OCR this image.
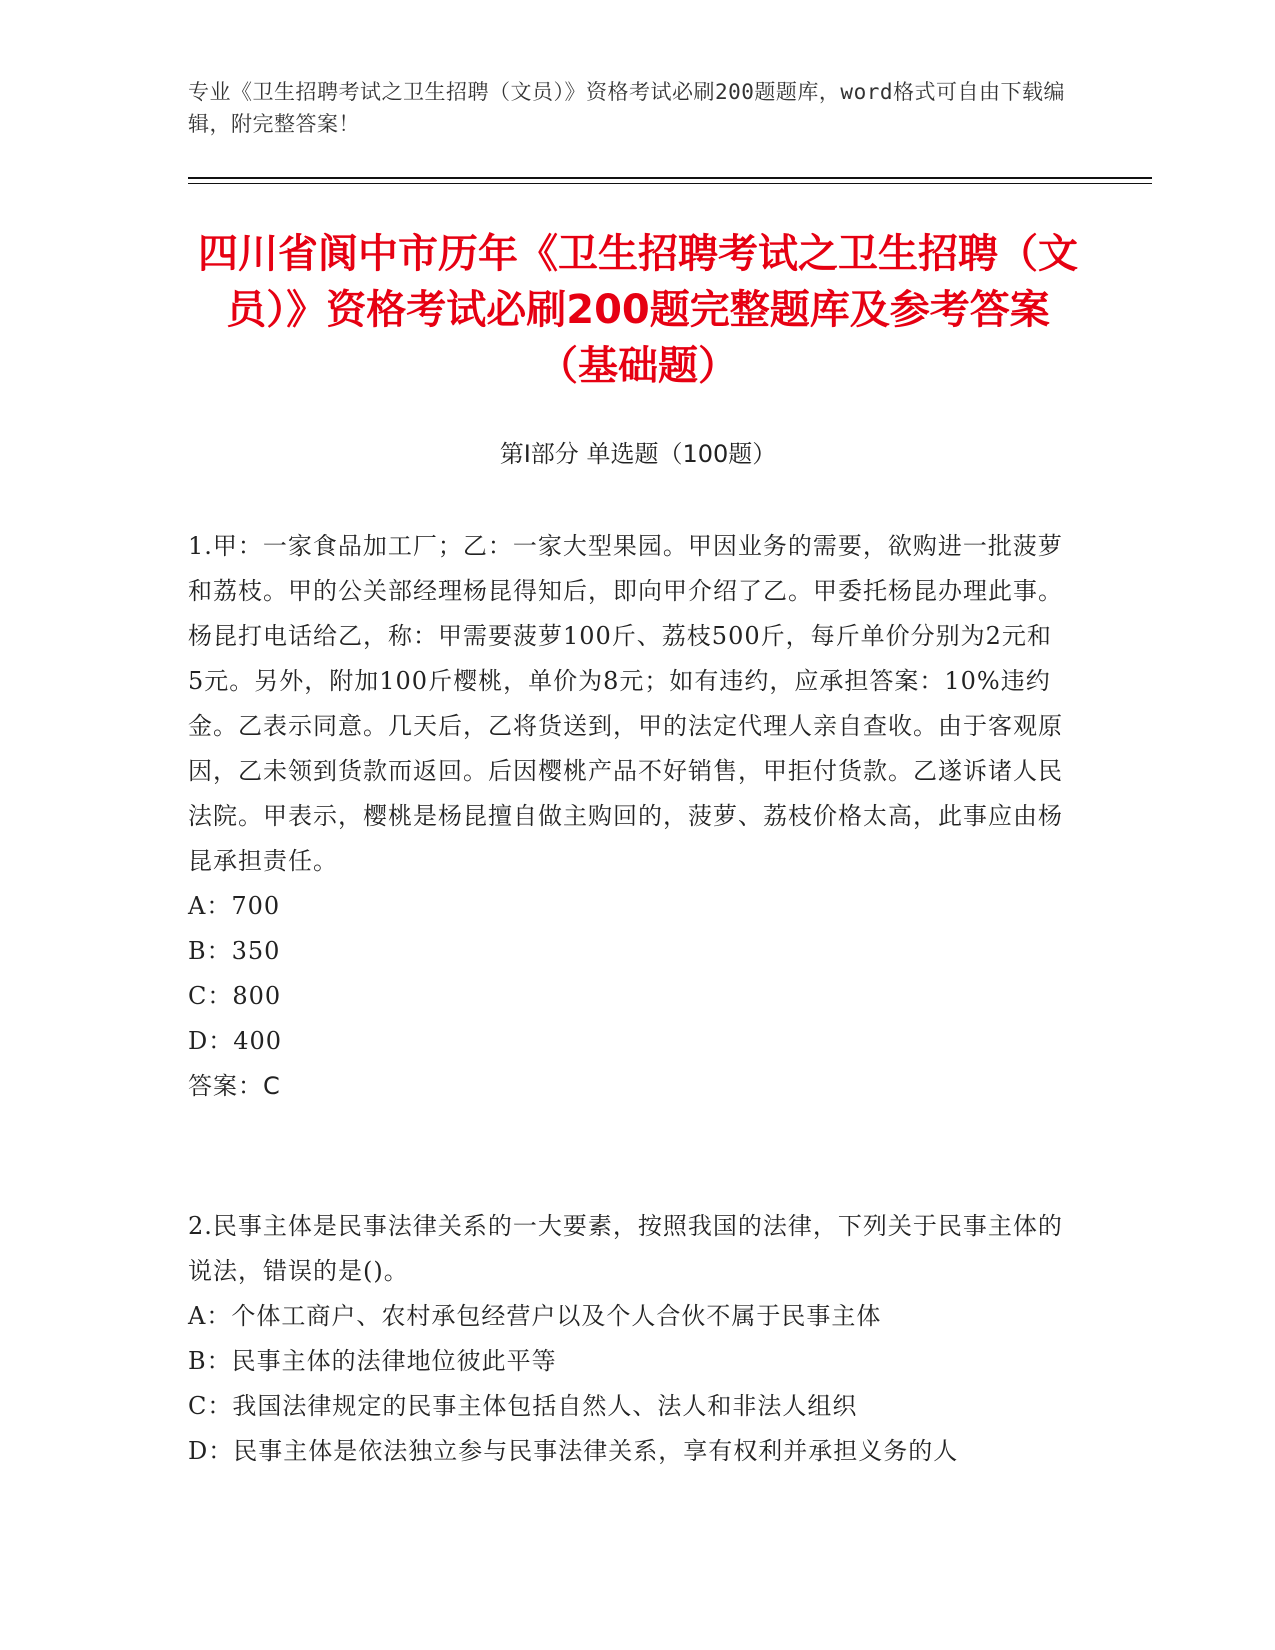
专业《卫生招聘考试之卫生招聘（文员）》资格考试必刷200题题库，word格式可自由下载编辑，附完整答案！
四川省阆中市历年《卫生招聘考试之卫生招聘（文员）》资格考试必刷200题完整题库及参考答案（基础题）
第Ⅰ部分 单选题（100题）

1.甲：一家食品加工厂；乙：一家大型果园。甲因业务的需要，欲购进一批菠萝和荔枝。甲的公关部经理杨昆得知后，即向甲介绍了乙。甲委托杨昆办理此事。杨昆打电话给乙，称：甲需要菠萝100斤、荔枝500斤，每斤单价分别为2元和5元。另外，附加100斤樱桃，单价为8元；如有违约，应承担答案：10%违约金。乙表示同意。几天后，乙将货送到，甲的法定代理人亲自查收。由于客观原因，乙未领到货款而返回。后因樱桃产品不好销售，甲拒付货款。乙遂诉诸人民法院。甲表示，樱桃是杨昆擅自做主购回的，菠萝、荔枝价格太高，此事应由杨昆承担责任。

A：700

B：350

C：800

D：400

答案：C

2.民事主体是民事法律关系的一大要素，按照我国的法律，下列关于民事主体的说法，错误的是()。

A：个体工商户、农村承包经营户以及个人合伙不属于民事主体

B：民事主体的法律地位彼此平等

C：我国法律规定的民事主体包括自然人、法人和非法人组织

D：民事主体是依法独立参与民事法律关系，享有权利并承担义务的人
